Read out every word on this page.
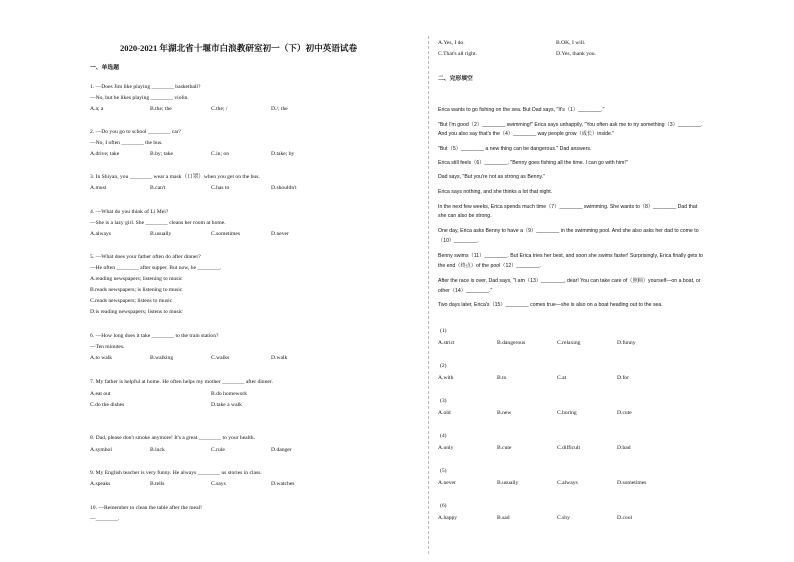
2020-2021 年湖北省十堰市白浪教研室初一（下）初中英语试卷
一、单选题
1. —Does Jim like playing ________ basketball?
—No, but he likes playing ________ violin.
A.a; a	B.the; the	C.the; /	D./; the
2. —Do you go to school ________ car?
—No, I often ________ the bus.
A.drive; take	B.by; take	C.in; on	D.take; by
3. In Shiyan, you ________ wear a mask（口罩）when you get on the bus.
A.must	B.can't	C.has to	D.shouldn't
4. —What do you think of Li Mei?
—She is a lazy girl. She ________ cleans her room at home.
A.always	B.usually	C.sometimes	D.never
5. —What does your father often do after dinner?
—He often ________ after supper. But now, he ________.
A.reading newspapers; listening to music
B.reads newspapers; is listening to music
C.reads newspapers; listens to music
D.is reading newspapers; listens to music
6. —How long does it take ________ to the train station?
—Ten minutes.
A.to walk	B.walking	C.walks	D.walk
7. My father is helpful at home. He often helps my mother ________ after dinner.
A.eat out	B.do homework
C.do the dishes	D.take a walk
8. Dad, please don't smoke anymore! It's a great ________ to your health.
A.symbol	B.luck	C.rule	D.danger
9. My English teacher is very funny. He always ________ us stories in class.
A.speaks	B.tells	C.says	D.watches
10. —Remember to clean the table after the meal!
—________.
A.Yes, I do.	B.OK, I will.
C.That's all right.	D.Yes, thank you.
二、完形填空
Erica wants to go fishing on the sea. But Dad says, "It's（1）________."
"But I'm good（2）________ swimming!" Erica says unhappily, "You often ask me to try something（3）________.
And you also say that's the（4）________ way people grow（成长）inside."
"But（5）________ a new thing can be dangerous." Dad answers.
Erica still feels（6）________. "Benny goes fishing all the time. I can go with him!"
Dad says, "But you're not as strong as Benny."
Erica says nothing, and she thinks a lot that night.
In the next few weeks, Erica spends much time（7）________ swimming. She wants to（8）________ Dad that
she can also be strong.
One day, Erica asks Benny to have a（9）________ in the swimming pool. And she also asks her dad to come to
（10）________.
Benny swims（11）________. But Erica tries her best, and soon she swims faster! Surprisingly, Erica finally gets to
the end（终点）of the pool（12）________.
After the race is over, Dad says, "I am（13）________, dear! You can take care of（照顾）yourself—on a boat, or
other（14）________."
Two days later, Erica's（15）________ comes true—she is also on a boat heading out to the sea.
(1)
A.strict	B.dangerous	C.relaxing	D.funny
(2)
A.with	B.to	C.at	D.for
(3)
A.old	B.new	C.boring	D.cute
(4)
A.only	B.cute	C.difficult	D.bad
(5)
A.never	B.usually	C.always	D.sometimes
(6)
A.happy	B.sad	C.shy	D.cool
